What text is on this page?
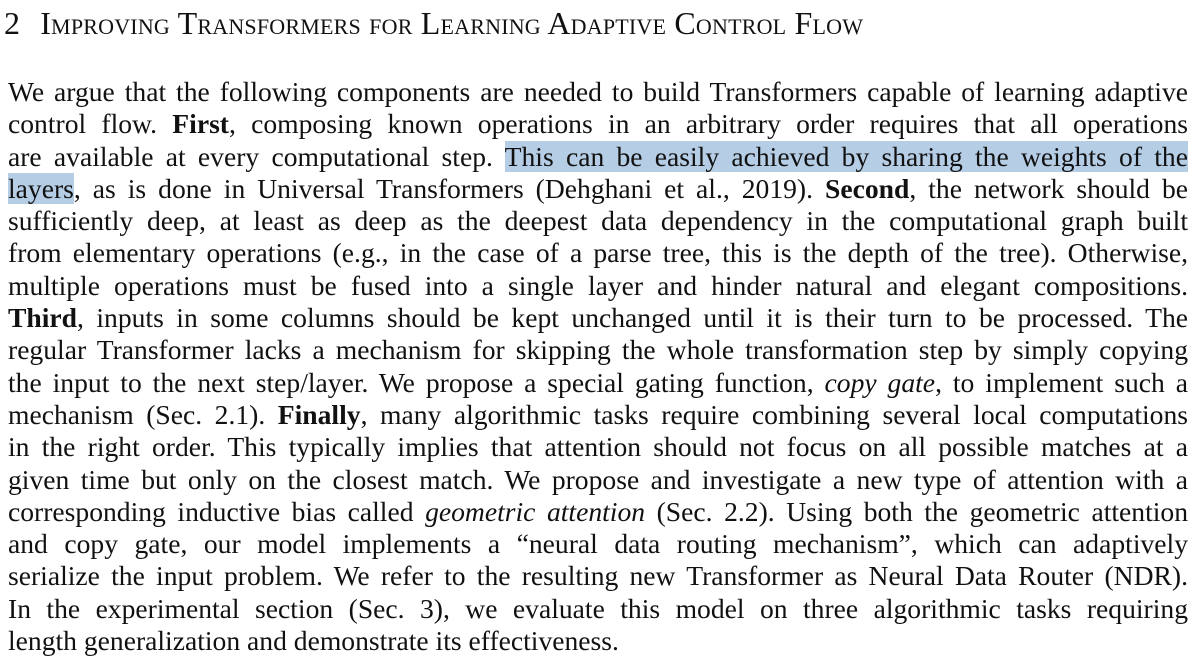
2 Improving Transformers for Learning Adaptive Control Flow
We argue that the following components are needed to build Transformers capable of learning adaptive
control flow. First, composing known operations in an arbitrary order requires that all operations
are available at every computational step. This can be easily achieved by sharing the weights of the
layers, as is done in Universal Transformers (Dehghani et al., 2019). Second, the network should be
sufficiently deep, at least as deep as the deepest data dependency in the computational graph built
from elementary operations (e.g., in the case of a parse tree, this is the depth of the tree). Otherwise,
multiple operations must be fused into a single layer and hinder natural and elegant compositions.
Third, inputs in some columns should be kept unchanged until it is their turn to be processed. The
regular Transformer lacks a mechanism for skipping the whole transformation step by simply copying
the input to the next step/layer. We propose a special gating function, copy gate, to implement such a
mechanism (Sec. 2.1). Finally, many algorithmic tasks require combining several local computations
in the right order. This typically implies that attention should not focus on all possible matches at a
given time but only on the closest match. We propose and investigate a new type of attention with a
corresponding inductive bias called geometric attention (Sec. 2.2). Using both the geometric attention
and copy gate, our model implements a “neural data routing mechanism”, which can adaptively
serialize the input problem. We refer to the resulting new Transformer as Neural Data Router (NDR).
In the experimental section (Sec. 3), we evaluate this model on three algorithmic tasks requiring
length generalization and demonstrate its effectiveness.
